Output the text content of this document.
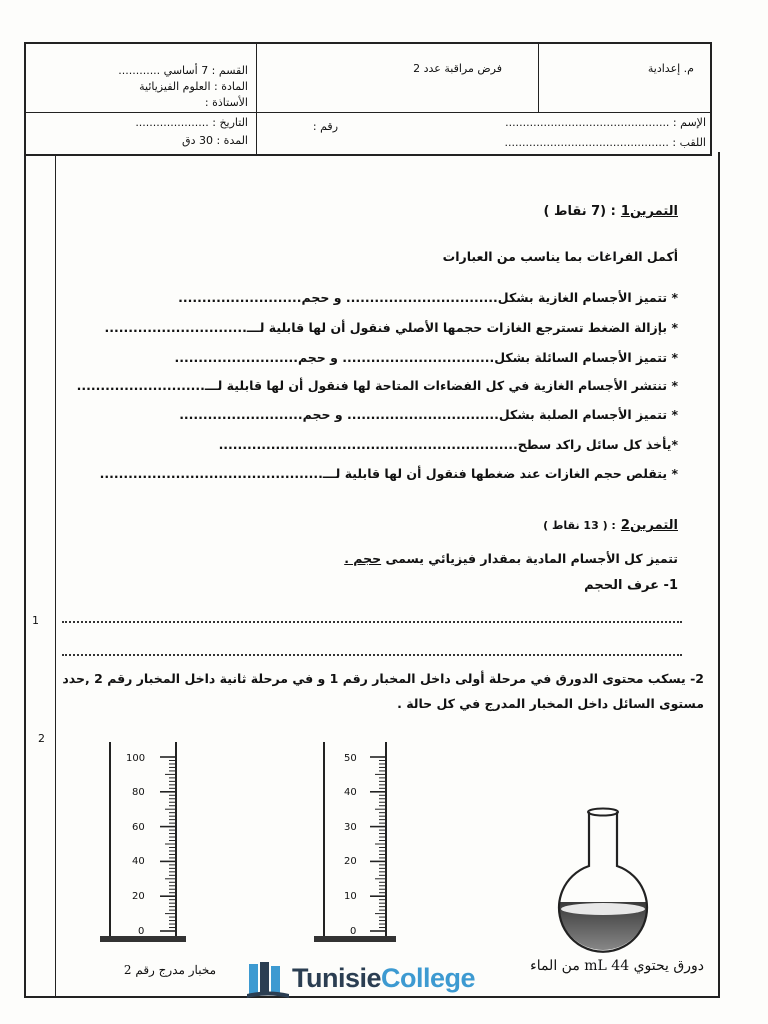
م. إعدادية
فرض مراقبة عدد 2
القسم : 7 أساسي ............
المادة : العلوم الفيزيائية
الأستاذة :
الإسم : ...............................................
رقم :
اللقب : ...............................................
التاريخ : .....................
المدة : 30 دق
التمرين1 : (7 نقاط )
أكمل الفراغات بما يناسب من العبارات
* تتميز الأجسام الغازية بشكل................................ و حجم..........................
* بإزالة الضغط تسترجع الغازات حجمها الأصلي فنقول أن لها قابلية لـــ..............................
* تتميز الأجسام السائلة بشكل................................ و حجم..........................
* تنتشر الأجسام الغازية في كل الفضاءات المتاحة لها فنقول أن لها قابلية لـــ...........................
* تتميز الأجسام الصلبة بشكل................................ و حجم..........................
*يأخذ كل سائل راكد سطح...............................................................
* يتقلص حجم الغازات عند ضغطها فنقول أن لها قابلية لـــ...............................................
التمرين2 : ( 13 نقاط )
تتميز كل الأجسام المادية بمقدار فيزيائي يسمى حجم .
1- عرف الحجم
1
2- يسكب محتوى الدورق في مرحلة أولى داخل المخبار رقم 1 و في مرحلة ثانية داخل المخبار رقم 2 ,حدد
مستوى السائل داخل المخبار المدرج في كل حالة .
2
100
80
60
40
20
0
50
40
30
20
10
0
مخبار مدرج رقم 2	دورق يحتوي 44 mL من الماء
TunisieCollege
